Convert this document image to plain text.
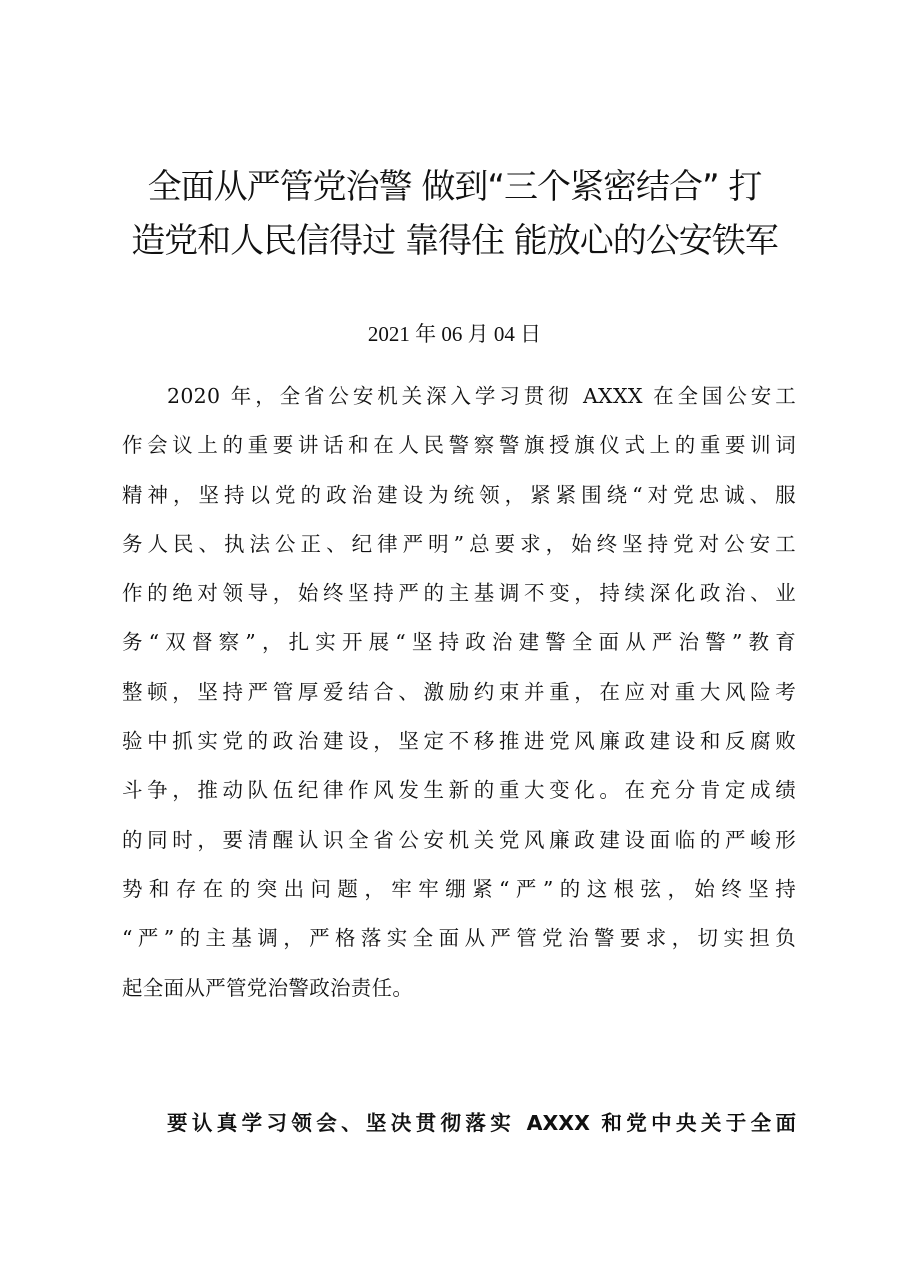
全面从严管党治警 做到“三个紧密结合” 打
造党和人民信得过 靠得住 能放心的公安铁军
2021 年 06 月 04 日
2020 年，全省公安机关深入学习贯彻 AXXX 在全国公安工
作会议上的重要讲话和在人民警察警旗授旗仪式上的重要训词
精神，坚持以党的政治建设为统领，紧紧围绕“对党忠诚、服
务人民、执法公正、纪律严明”总要求，始终坚持党对公安工
作的绝对领导，始终坚持严的主基调不变，持续深化政治、业
务“双督察”，扎实开展“坚持政治建警全面从严治警”教育
整顿，坚持严管厚爱结合、激励约束并重，在应对重大风险考
验中抓实党的政治建设，坚定不移推进党风廉政建设和反腐败
斗争，推动队伍纪律作风发生新的重大变化。在充分肯定成绩
的同时，要清醒认识全省公安机关党风廉政建设面临的严峻形
势和存在的突出问题，牢牢绷紧“严”的这根弦，始终坚持
“严”的主基调，严格落实全面从严管党治警要求，切实担负
起全面从严管党治警政治责任。
要认真学习领会、坚决贯彻落实 AXXX 和党中央关于全面
